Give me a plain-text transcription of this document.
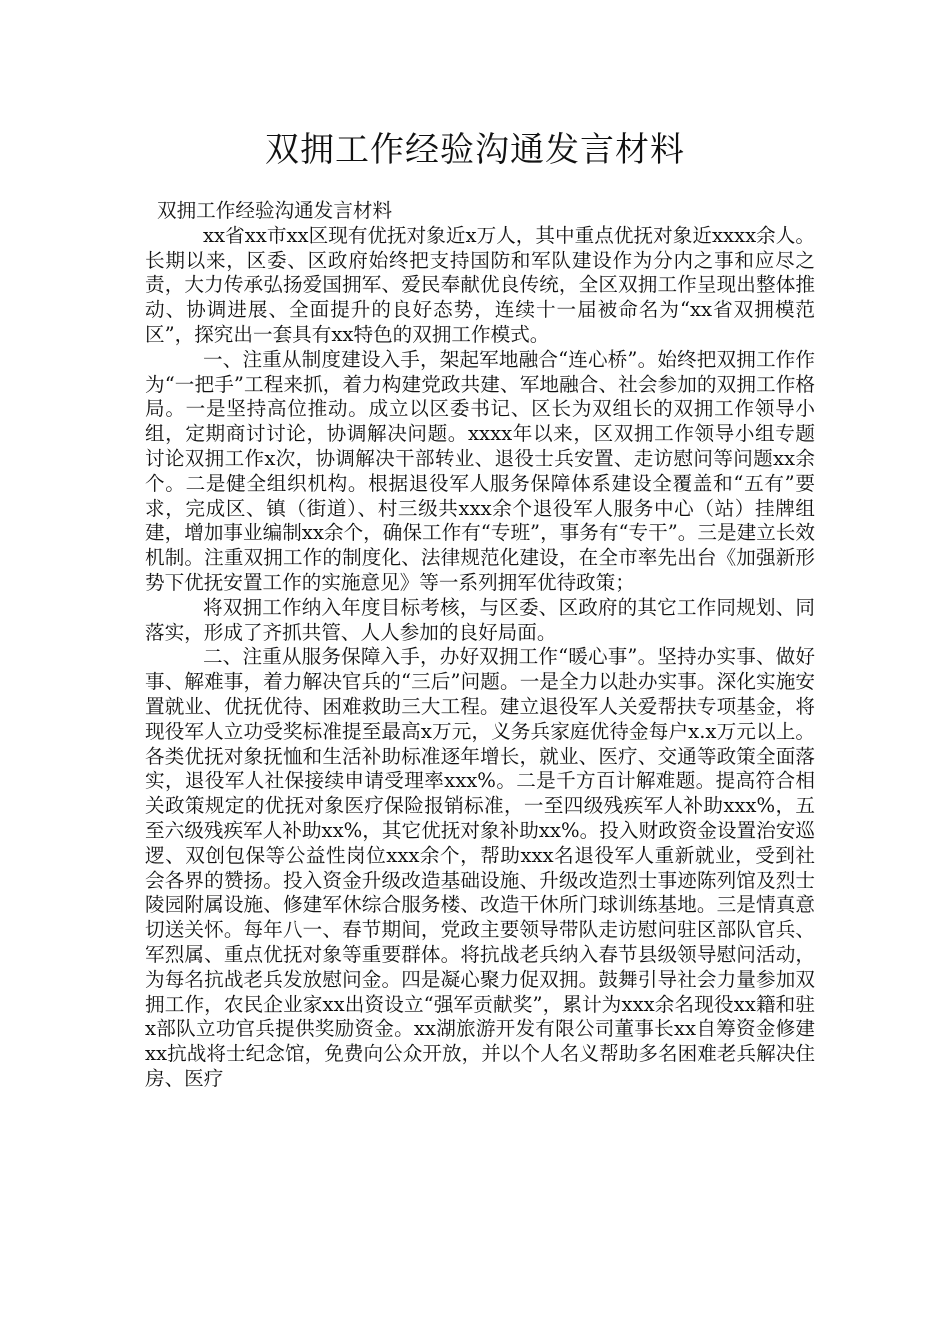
双拥工作经验沟通发言材料

双拥工作经验沟通发言材料

xx省xx市xx区现有优抚对象近x万人，其中重点优抚对象近xxxx余人。长期以来，区委、区政府始终把支持国防和军队建设作为分内之事和应尽之责，大力传承弘扬爱国拥军、爱民奉献优良传统，全区双拥工作呈现出整体推动、协调进展、全面提升的良好态势，连续十一届被命名为“xx省双拥模范区”，探究出一套具有xx特色的双拥工作模式。

一、注重从制度建设入手，架起军地融合“连心桥”。始终把双拥工作作为“一把手”工程来抓，着力构建党政共建、军地融合、社会参加的双拥工作格局。一是坚持高位推动。成立以区委书记、区长为双组长的双拥工作领导小组，定期商讨讨论，协调解决问题。xxxx年以来，区双拥工作领导小组专题讨论双拥工作x次，协调解决干部转业、退役士兵安置、走访慰问等问题xx余个。二是健全组织机构。根据退役军人服务保障体系建设全覆盖和“五有”要求，完成区、镇（街道）、村三级共xxx余个退役军人服务中心（站）挂牌组建，增加事业编制xx余个，确保工作有“专班”，事务有“专干”。三是建立长效机制。注重双拥工作的制度化、法律规范化建设，在全市率先出台《加强新形势下优抚安置工作的实施意见》等一系列拥军优待政策；

将双拥工作纳入年度目标考核，与区委、区政府的其它工作同规划、同落实，形成了齐抓共管、人人参加的良好局面。

二、注重从服务保障入手，办好双拥工作“暖心事”。坚持办实事、做好事、解难事，着力解决官兵的“三后”问题。一是全力以赴办实事。深化实施安置就业、优抚优待、困难救助三大工程。建立退役军人关爱帮扶专项基金，将现役军人立功受奖标准提至最高x万元，义务兵家庭优待金每户x.x万元以上。各类优抚对象抚恤和生活补助标准逐年增长，就业、医疗、交通等政策全面落实，退役军人社保接续申请受理率xxx%。二是千方百计解难题。提高符合相关政策规定的优抚对象医疗保险报销标准，一至四级残疾军人补助xxx%，五至六级残疾军人补助xx%，其它优抚对象补助xx%。投入财政资金设置治安巡逻、双创包保等公益性岗位xxx余个，帮助xxx名退役军人重新就业，受到社会各界的赞扬。投入资金升级改造基础设施、升级改造烈士事迹陈列馆及烈士陵园附属设施、修建军休综合服务楼、改造干休所门球训练基地。三是情真意切送关怀。每年八一、春节期间，党政主要领导带队走访慰问驻区部队官兵、军烈属、重点优抚对象等重要群体。将抗战老兵纳入春节县级领导慰问活动，为每名抗战老兵发放慰问金。四是凝心聚力促双拥。鼓舞引导社会力量参加双拥工作，农民企业家xx出资设立“强军贡献奖”，累计为xxx余名现役xx籍和驻x部队立功官兵提供奖励资金。xx湖旅游开发有限公司董事长xx自筹资金修建xx抗战将士纪念馆，免费向公众开放，并以个人名义帮助多名困难老兵解决住房、医疗
